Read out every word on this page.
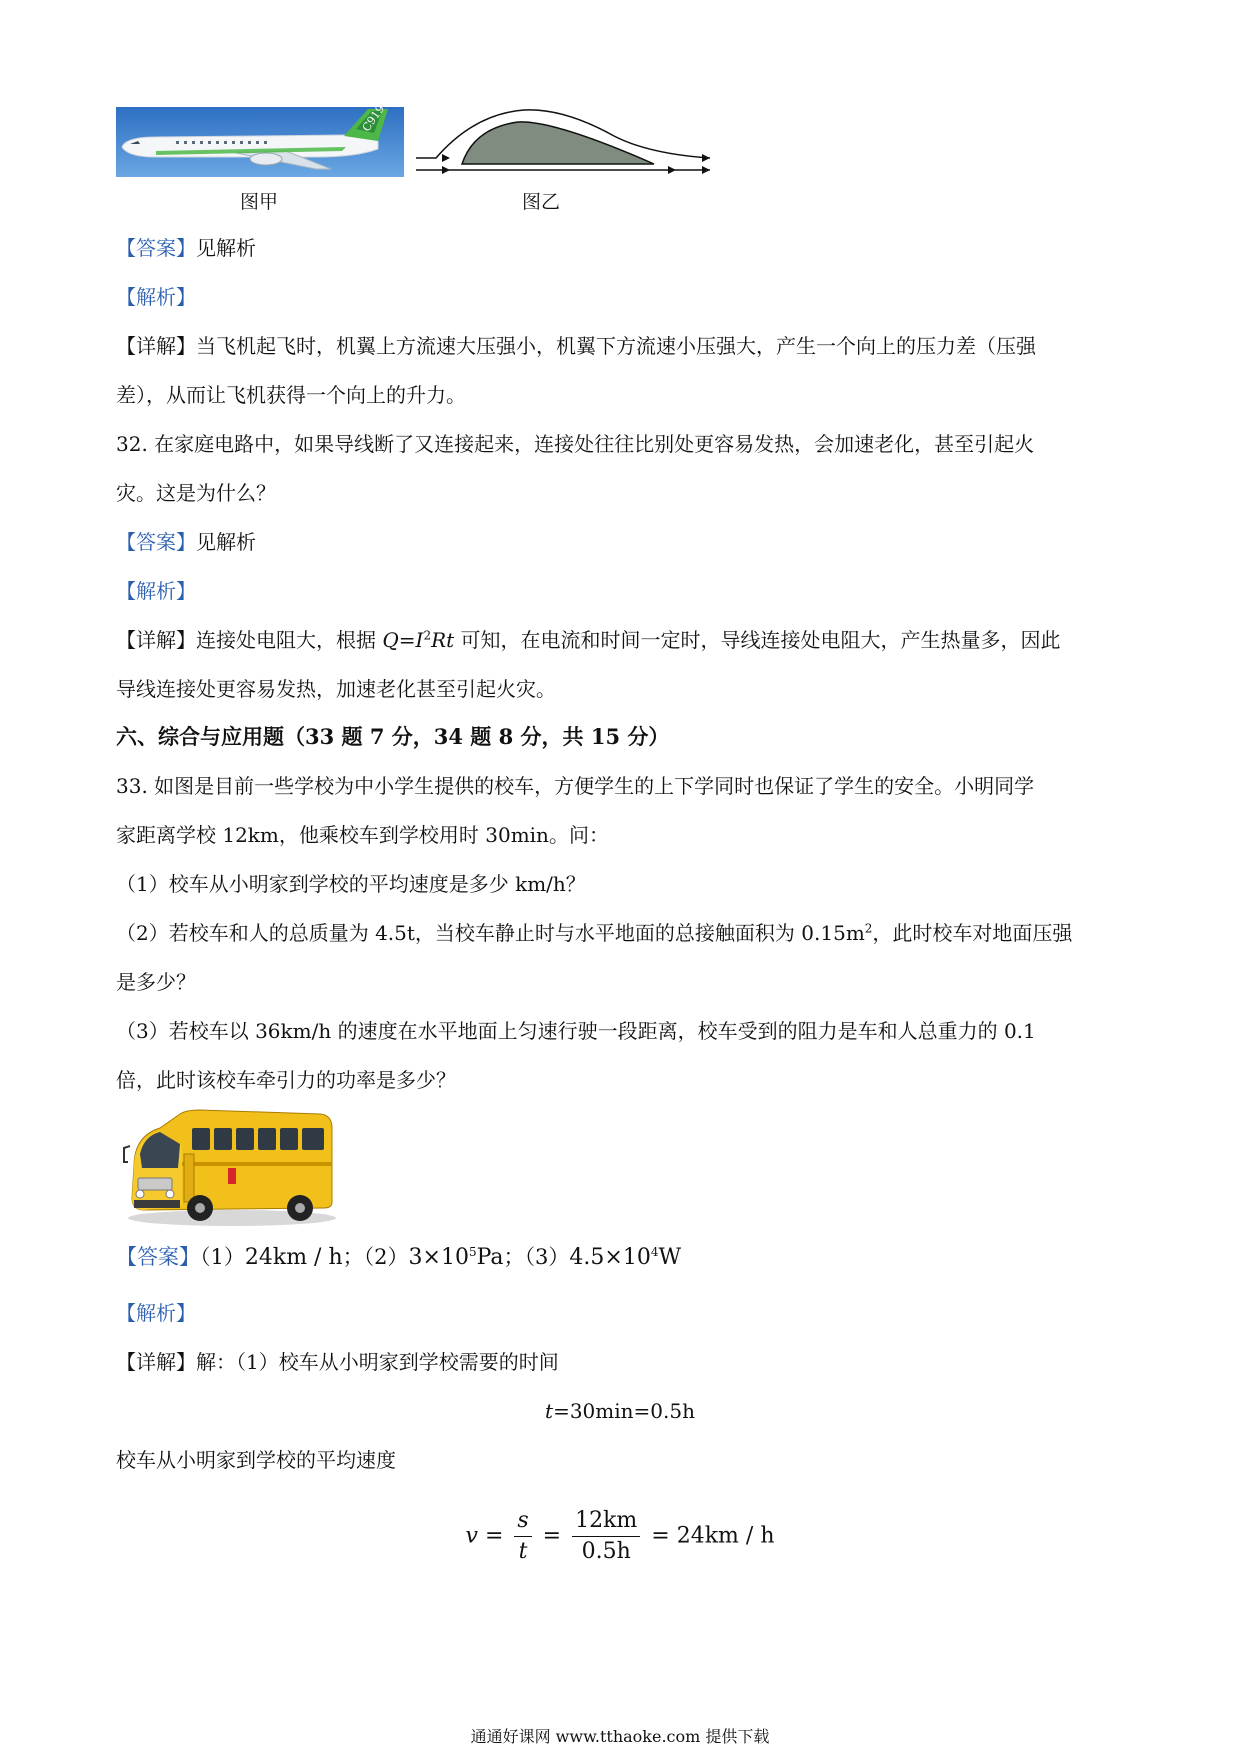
C919
图甲	图乙
【答案】见解析
【解析】
【详解】当飞机起飞时，机翼上方流速大压强小，机翼下方流速小压强大，产生一个向上的压力差（压强
差），从而让飞机获得一个向上的升力。
32. 在家庭电路中，如果导线断了又连接起来，连接处往往比别处更容易发热，会加速老化，甚至引起火
灾。这是为什么？
【答案】见解析
【解析】
【详解】连接处电阻大，根据 $Q=I^2Rt$ 可知，在电流和时间一定时，导线连接处电阻大，产生热量多，因此
导线连接处更容易发热，加速老化甚至引起火灾。
六、综合与应用题（33 题 7 分，34 题 8 分，共 15 分）
33. 如图是目前一些学校为中小学生提供的校车，方便学生的上下学同时也保证了学生的安全。小明同学
家距离学校 12km，他乘校车到学校用时 30min。问：
（1）校车从小明家到学校的平均速度是多少 km/h？
（2）若校车和人的总质量为 4.5t，当校车静止时与水平地面的总接触面积为 $0.15m^2$，此时校车对地面压强
是多少？
（3）若校车以 36km/h 的速度在水平地面上匀速行驶一段距离，校车受到的阻力是车和人总重力的 0.1
倍，此时该校车牵引力的功率是多少？
【答案】（1）24km / h；$(2)3\times 10^5Pa$；$(3)4.5\times 10^4W$
【解析】
【详解】解：（1）校车从小明家到学校需要的时间
t=30min=0.5h
校车从小明家到学校的平均速度
$v = \frac{s}{t} = \frac{12km}{0.5h} = 24km / h$
通通好课网 www.tthaoke.com 提供下载
